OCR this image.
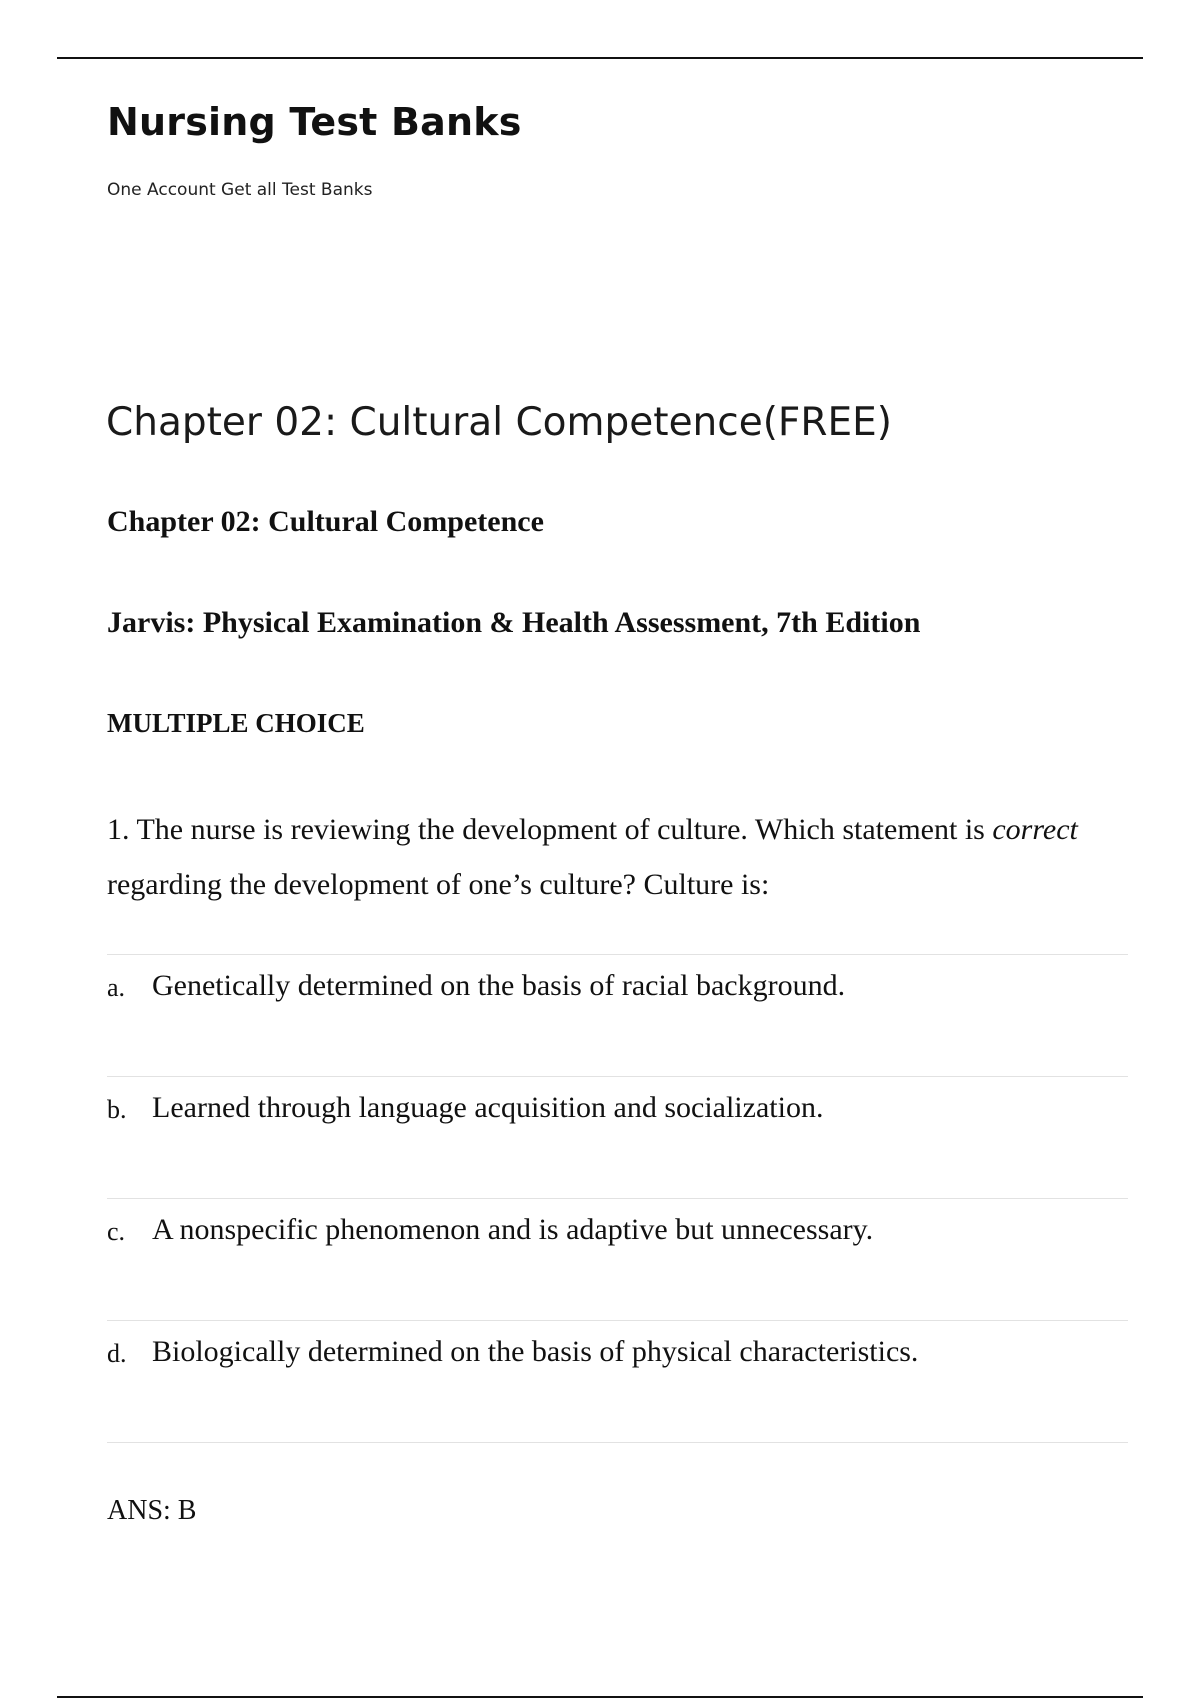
Nursing Test Banks
One Account Get all Test Banks
Chapter 02: Cultural Competence(FREE)
Chapter 02: Cultural Competence
Jarvis: Physical Examination & Health Assessment, 7th Edition
MULTIPLE CHOICE

1. The nurse is reviewing the development of culture. Which statement is correct regarding the development of one’s culture? Culture is:

a. Genetically determined on the basis of racial background.
b. Learned through language acquisition and socialization.
c. A nonspecific phenomenon and is adaptive but unnecessary.
d. Biologically determined on the basis of physical characteristics.
ANS: B
